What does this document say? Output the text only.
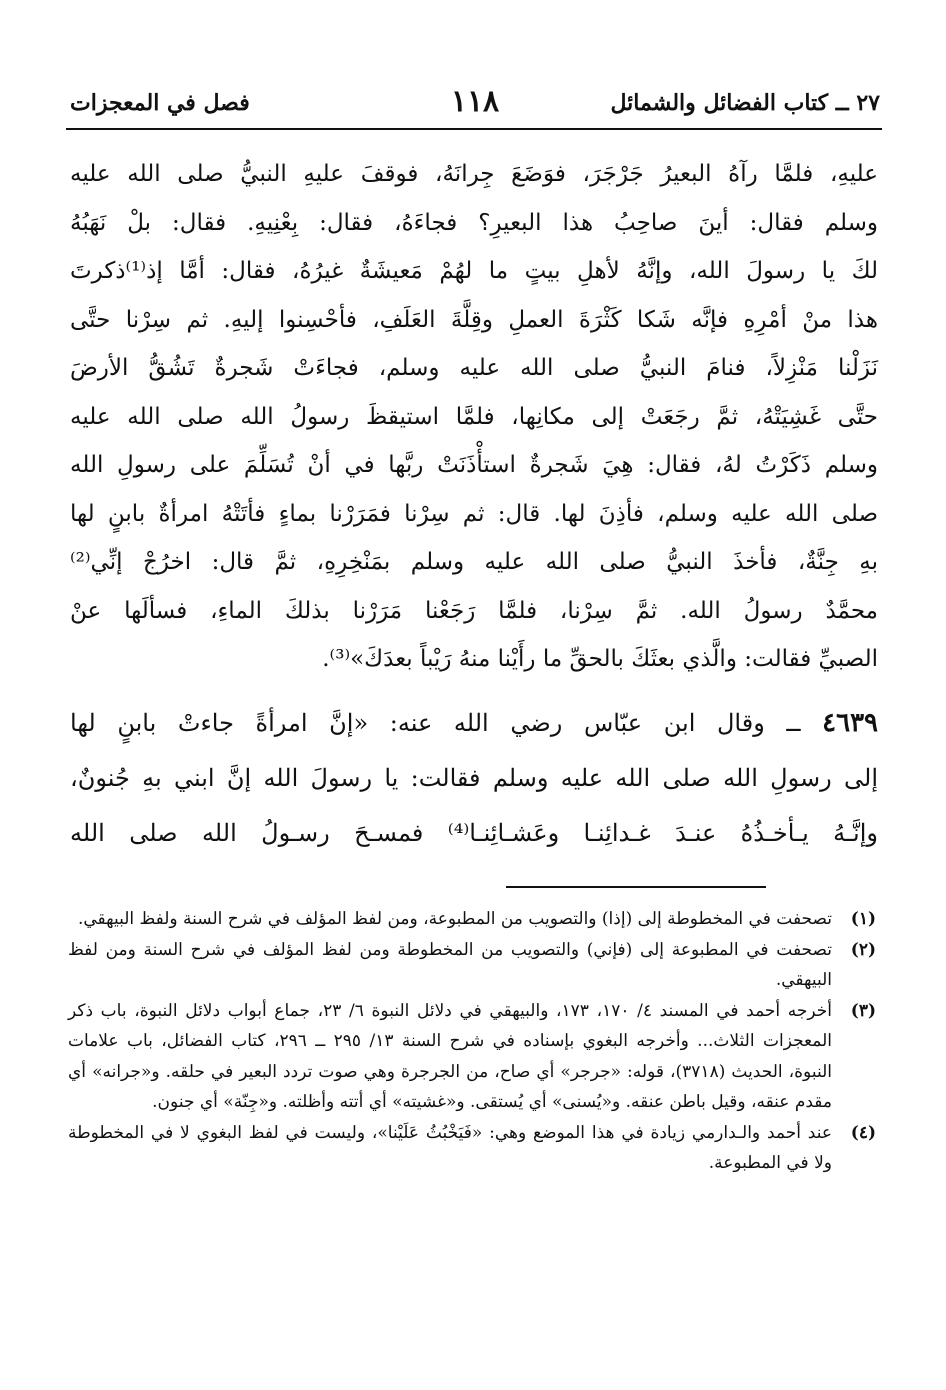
٢٧ ــ كتاب الفضائل والشمائل
١١٨
فصل في المعجزات

عليهِ، فلمَّا رآهُ البعيرُ جَرْجَرَ، فوَضَعَ جِرانَهُ، فوقفَ عليهِ النبيُّ صلى الله عليه

وسلم فقال: أينَ صاحِبُ هذا البعيرِ؟ فجاءَهُ، فقال: بِعْنِيهِ. فقال: بلْ نَهَبُهُ

لكَ يا رسولَ الله، وإنَّهُ لأهلِ بيتٍ ما لهُمْ مَعيشَةٌ غيرُهُ، فقال: أمَّا إذ⁽¹⁾ذكرتَ

هذا منْ أمْرِهِ فإنَّه شَكا كَثْرَةَ العملِ وقِلَّةَ العَلَفِ، فأحْسِنوا إليهِ. ثم سِرْنا حتَّى

نَزَلْنا مَنْزِلاً، فنامَ النبيُّ صلى الله عليه وسلم، فجاءَتْ شَجرةٌ تَشُقُّ الأرضَ

حتَّى غَشِيَتْهُ، ثمَّ رجَعَتْ إلى مكانِها، فلمَّا استيقظَ رسولُ الله صلى الله عليه

وسلم ذَكَرْتُ لهُ، فقال: هِيَ شَجرةٌ استأْذَنَتْ ربَّها في أنْ تُسَلِّمَ على رسولِ الله

صلى الله عليه وسلم، فأذِنَ لها. قال: ثم سِرْنا فمَرَرْنا بماءٍ فأتَتْهُ امرأةٌ بابنٍ لها

بهِ جِنَّةٌ، فأخذَ النبيُّ صلى الله عليه وسلم بمَنْخِرِهِ، ثمَّ قال: اخرُجْ إنِّي⁽²⁾

محمَّدٌ رسولُ الله. ثمَّ سِرْنا، فلمَّا رَجَعْنا مَرَرْنا بذلكَ الماءِ، فسألَها عنْ

الصبيِّ فقالت: والَّذي بعثَكَ بالحقِّ ما رأَيْنا منهُ رَيْباً بعدَكَ»⁽³⁾.

٤٦٣٩ ــ وقال ابن عبّاس رضي الله عنه: «إنَّ امرأةً جاءتْ بابنٍ لها

إلى رسولِ الله صلى الله عليه وسلم فقالت: يا رسولَ الله إنَّ ابني بهِ جُنونٌ،

وإنَّـهُ يـأخـذُهُ عنـدَ غـدائِنـا وعَشـائِنـا⁽⁴⁾ فمسـحَ رسـولُ الله صلى الله

(١)
تصحفت في المخطوطة إلى (إذا) والتصويب من المطبوعة، ومن لفظ المؤلف في شرح السنة ولفظ البيهقي.

(٢)
تصحفت في المطبوعة إلى (فإني) والتصويب من المخطوطة ومن لفظ المؤلف في شرح السنة ومن لفظ البيهقي.

(٣)
أخرجه أحمد في المسند ٤/ ١٧٠، ١٧٣، والبيهقي في دلائل النبوة ٦/ ٢٣، جماع أبواب دلائل النبوة، باب ذكر المعجزات الثلاث... وأخرجه البغوي بإسناده في شرح السنة ١٣/ ٢٩٥ ــ ٢٩٦، كتاب الفضائل، باب علامات النبوة، الحديث (٣٧١٨)، قوله: «جرجر» أي صاح، من الجرجرة وهي صوت تردد البعير في حلقه. و«جرانه» أي مقدم عنقه، وقيل باطن عنقه. و«يُسنى» أي يُستقى. و«غشيته» أي أتته وأظلته. و«جِنّة» أي جنون.

(٤)
عند أحمد والـدارمي زيادة في هذا الموضع وهي: «فَيَخْبُثُ عَلَيْنا»، وليست في لفظ البغوي لا في المخطوطة ولا في المطبوعة.
